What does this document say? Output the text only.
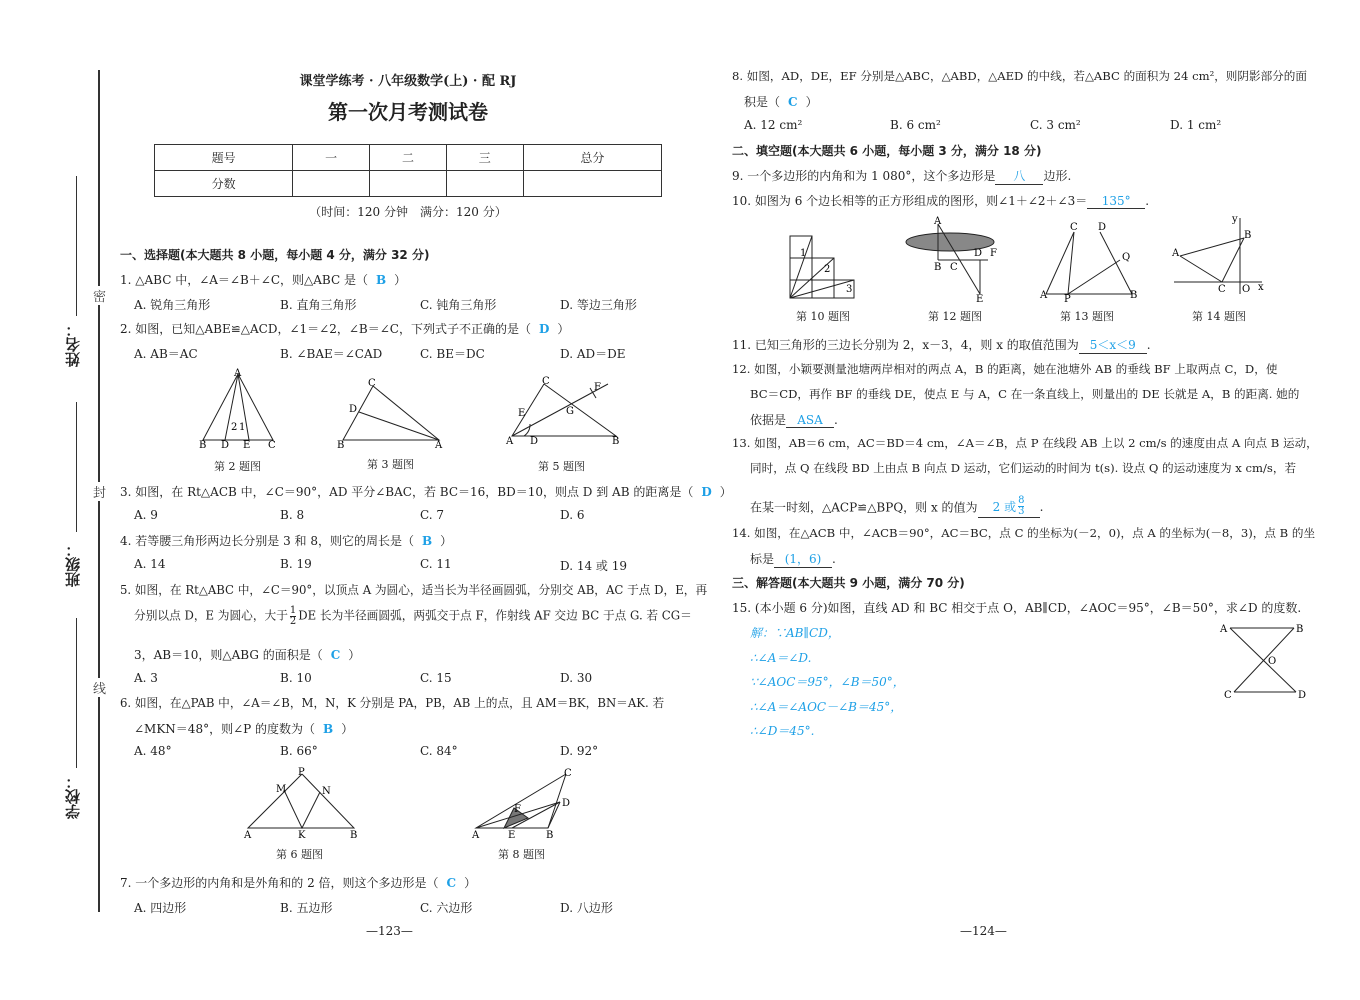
姓名：
班级：
学校：
密
封
线
课堂学练考 · 八年级数学(上) · 配 RJ
第一次月考测试卷
题号	一	二	三	总分
分数				
（时间：120 分钟　满分：120 分）
一、选择题(本大题共 8 小题，每小题 4 分，满分 32 分)
1. △ABC 中，∠A＝∠B＋∠C，则△ABC 是（ B ）
A. 锐角三角形	B. 直角三角形	C. 钝角三角形	D. 等边三角形
2. 如图，已知△ABE≌△ACD，∠1＝∠2，∠B＝∠C，下列式子不正确的是（ D ）
A. AB＝AC	B. ∠BAE＝∠CAD	C. BE＝DC	D. AD＝DE
A
B D E C
2 1
第 2 题图
C
D
B	A
第 3 题图
C
F
E	G
A D	B
第 5 题图
3. 如图，在 Rt△ACB 中，∠C＝90°，AD 平分∠BAC，若 BC＝16，BD＝10，则点 D 到 AB 的距离是（ D ）
A. 9	B. 8	C. 7	D. 6
4. 若等腰三角形两边长分别是 3 和 8，则它的周长是（ B ）
A. 14	B. 19	C. 11	D. 14 或 19
5. 如图，在 Rt△ABC 中，∠C＝90°，以顶点 A 为圆心，适当长为半径画圆弧，分别交 AB，AC 于点 D，E，再
分别以点 D，E 为圆心，大于 $\frac{1}{2}$ DE 长为半径画圆弧，两弧交于点 F，作射线 AF 交边 BC 于点 G. 若 CG＝
3，AB＝10，则△ABG 的面积是（ C ）
A. 3	B. 10	C. 15	D. 30
6. 如图，在△PAB 中，∠A＝∠B，M，N，K 分别是 PA，PB，AB 上的点，且 AM＝BK，BN＝AK. 若
∠MKN＝48°，则∠P 的度数为（ B ）
A. 48°	B. 66°	C. 84°	D. 92°
P
M	N
A	K	B
第 6 题图
C
D
F
A	E	B
第 8 题图
7. 一个多边形的内角和是外角和的 2 倍，则这个多边形是（ C ）
A. 四边形	B. 五边形	C. 六边形	D. 八边形
—123—
8. 如图，AD，DE，EF 分别是△ABC，△ABD，△AED 的中线，若△ABC 的面积为 24 cm²，则阴影部分的面
积是（ C ）
A. 12 cm²	B. 6 cm²	C. 3 cm²	D. 1 cm²
二、填空题(本大题共 6 小题，每小题 3 分，满分 18 分)
9. 一个多边形的内角和为 1 080°，这个多边形是 八 边形.
10. 如图为 6 个边长相等的正方形组成的图形，则∠1＋∠2＋∠3＝ 135° .
1
2
3
第 10 题图
A
B C
D F
E
第 12 题图
C D
Q
A P	B
第 13 题图
y
x
A
B
C O
第 14 题图
11. 已知三角形的三边长分别为 2，x－3，4，则 x 的取值范围为 5＜x＜9 .
12. 如图，小颖要测量池塘两岸相对的两点 A，B 的距离，她在池塘外 AB 的垂线 BF 上取两点 C，D，使
BC＝CD，再作 BF 的垂线 DE，使点 E 与 A，C 在一条直线上，则量出的 DE 长就是 A，B 的距离. 她的
依据是 ASA .
13. 如图，AB＝6 cm，AC＝BD＝4 cm，∠A＝∠B，点 P 在线段 AB 上以 2 cm/s 的速度由点 A 向点 B 运动，
同时，点 Q 在线段 BD 上由点 B 向点 D 运动，它们运动的时间为 t(s). 设点 Q 的运动速度为 x cm/s，若
在某一时刻，△ACP≌△BPQ，则 x 的值为 2 或 $\frac{8}{3}$ .
14. 如图，在△ACB 中，∠ACB＝90°，AC＝BC，点 C 的坐标为(－2，0)，点 A 的坐标为(－8，3)，点 B 的坐
标是 (1，6) .
三、解答题(本大题共 9 小题，满分 70 分)
15. (本小题 6 分)如图，直线 AD 和 BC 相交于点 O，AB∥CD，∠AOC＝95°，∠B＝50°，求∠D 的度数.
解：∵AB∥CD，
∴∠A＝∠D.
∵∠AOC＝95°，∠B＝50°，
∴∠A＝∠AOC－∠B＝45°，
∴∠D＝45°.
A	B
O
C	D
—124—
